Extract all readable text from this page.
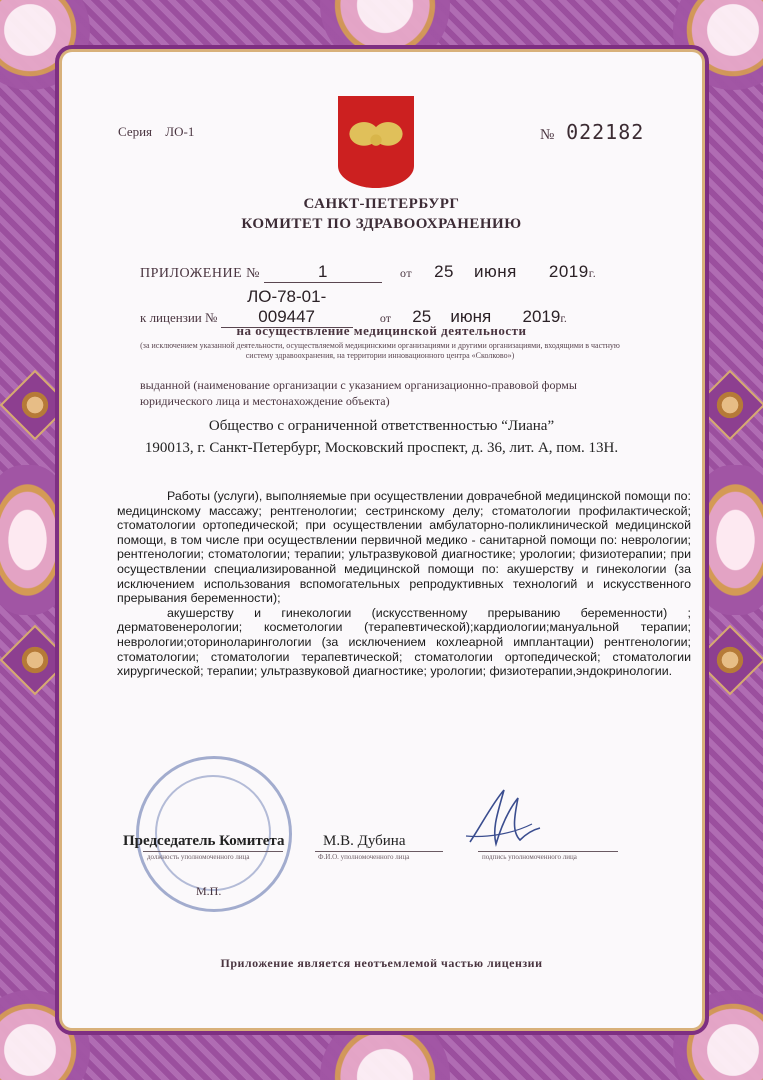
Серия ЛО-1	№ 022182
САНКТ-ПЕТЕРБУРГ
КОМИТЕТ ПО ЗДРАВООХРАНЕНИЮ
ПРИЛОЖЕНИЕ №	1	от 25 июня 2019г.
к лицензии № ЛО-78-01-009447	от 25 июня 2019г.
на осуществление медицинской деятельности
(за исключением указанной деятельности, осуществляемой медицинскими организациями и другими организациями, входящими в частную систему здравоохранения, на территории инновационного центра «Сколково»)
выданной (наименование организации с указанием организационно-правовой формы юридического лица и местонахождение объекта)
Общество с ограниченной ответственностью “Лиана”
190013, г. Санкт-Петербург, Московский проспект, д. 36, лит. А, пом. 13Н.

Работы (услуги), выполняемые при осуществлении доврачебной медицинской помощи по: медицинскому массажу; рентгенологии; сестринскому делу; стоматологии профилактической; стоматологии ортопедической; при осуществлении амбулаторно-поликлинической медицинской помощи, в том числе при осуществлении первичной медико - санитарной помощи по: неврологии; рентгенологии; стоматологии; терапии; ультразвуковой диагностике; урологии; физиотерапии; при осуществлении специализированной медицинской помощи по: акушерству и гинекологии (за исключением использования вспомогательных репродуктивных технологий и искусственного прерывания беременности);

акушерству и гинекологии (искусственному прерыванию беременности) ; дерматовенерологии; косметологии (терапевтической);кардиологии;мануальной терапии; неврологии;оториноларингологии (за исключением кохлеарной имплантации) рентгенологии; стоматологии; стоматологии терапевтической; стоматологии ортопедической; стоматологии хирургической; терапии; ультразвуковой диагностике; урологии; физиотерапии,эндокринологии.

Председатель Комитета	М.В. Дубина
должность уполномоченного лица	Ф.И.О. уполномоченного лица	подпись уполномоченного лица
М.П.
Приложение является неотъемлемой частью лицензии
